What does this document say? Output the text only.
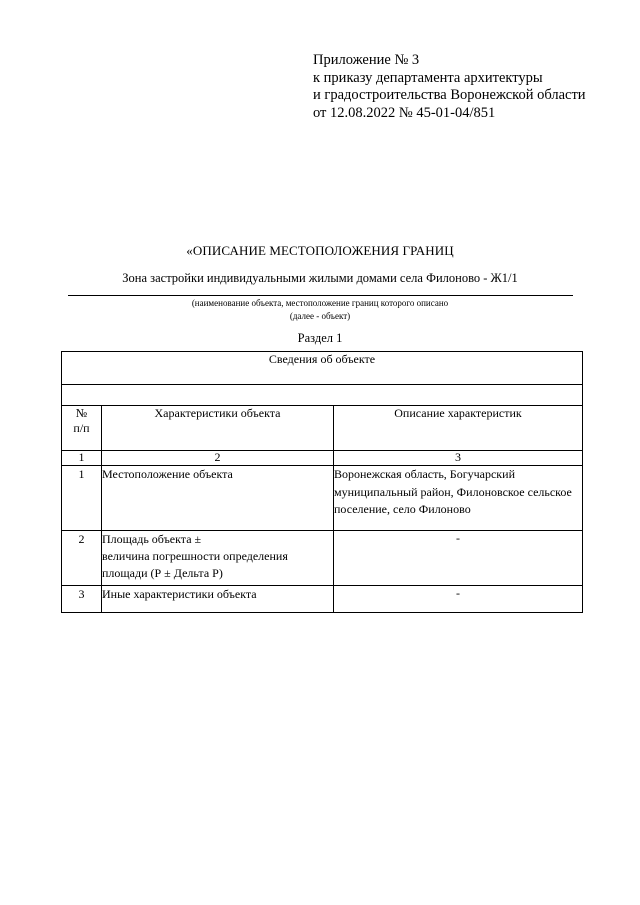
Приложение № 3
к приказу департамента архитектуры
и градостроительства Воронежской области
от 12.08.2022 № 45-01-04/851
«ОПИСАНИЕ МЕСТОПОЛОЖЕНИЯ ГРАНИЦ
Зона застройки индивидуальными жилыми домами села Филоново - Ж1/1
(наименование объекта, местоположение границ которого описано
(далее - объект)
Раздел 1
Сведения об объекте		

№
п/п	Характеристики объекта	Описание характеристик
1	2	3
1	Местоположение объекта	Воронежская область, Богучарский муниципальный район, Филоновское сельское поселение, село Филоново
2	Площадь объекта ±
величина погрешности определения площади (Р ± Дельта Р)	-
3	Иные характеристики объекта	-
